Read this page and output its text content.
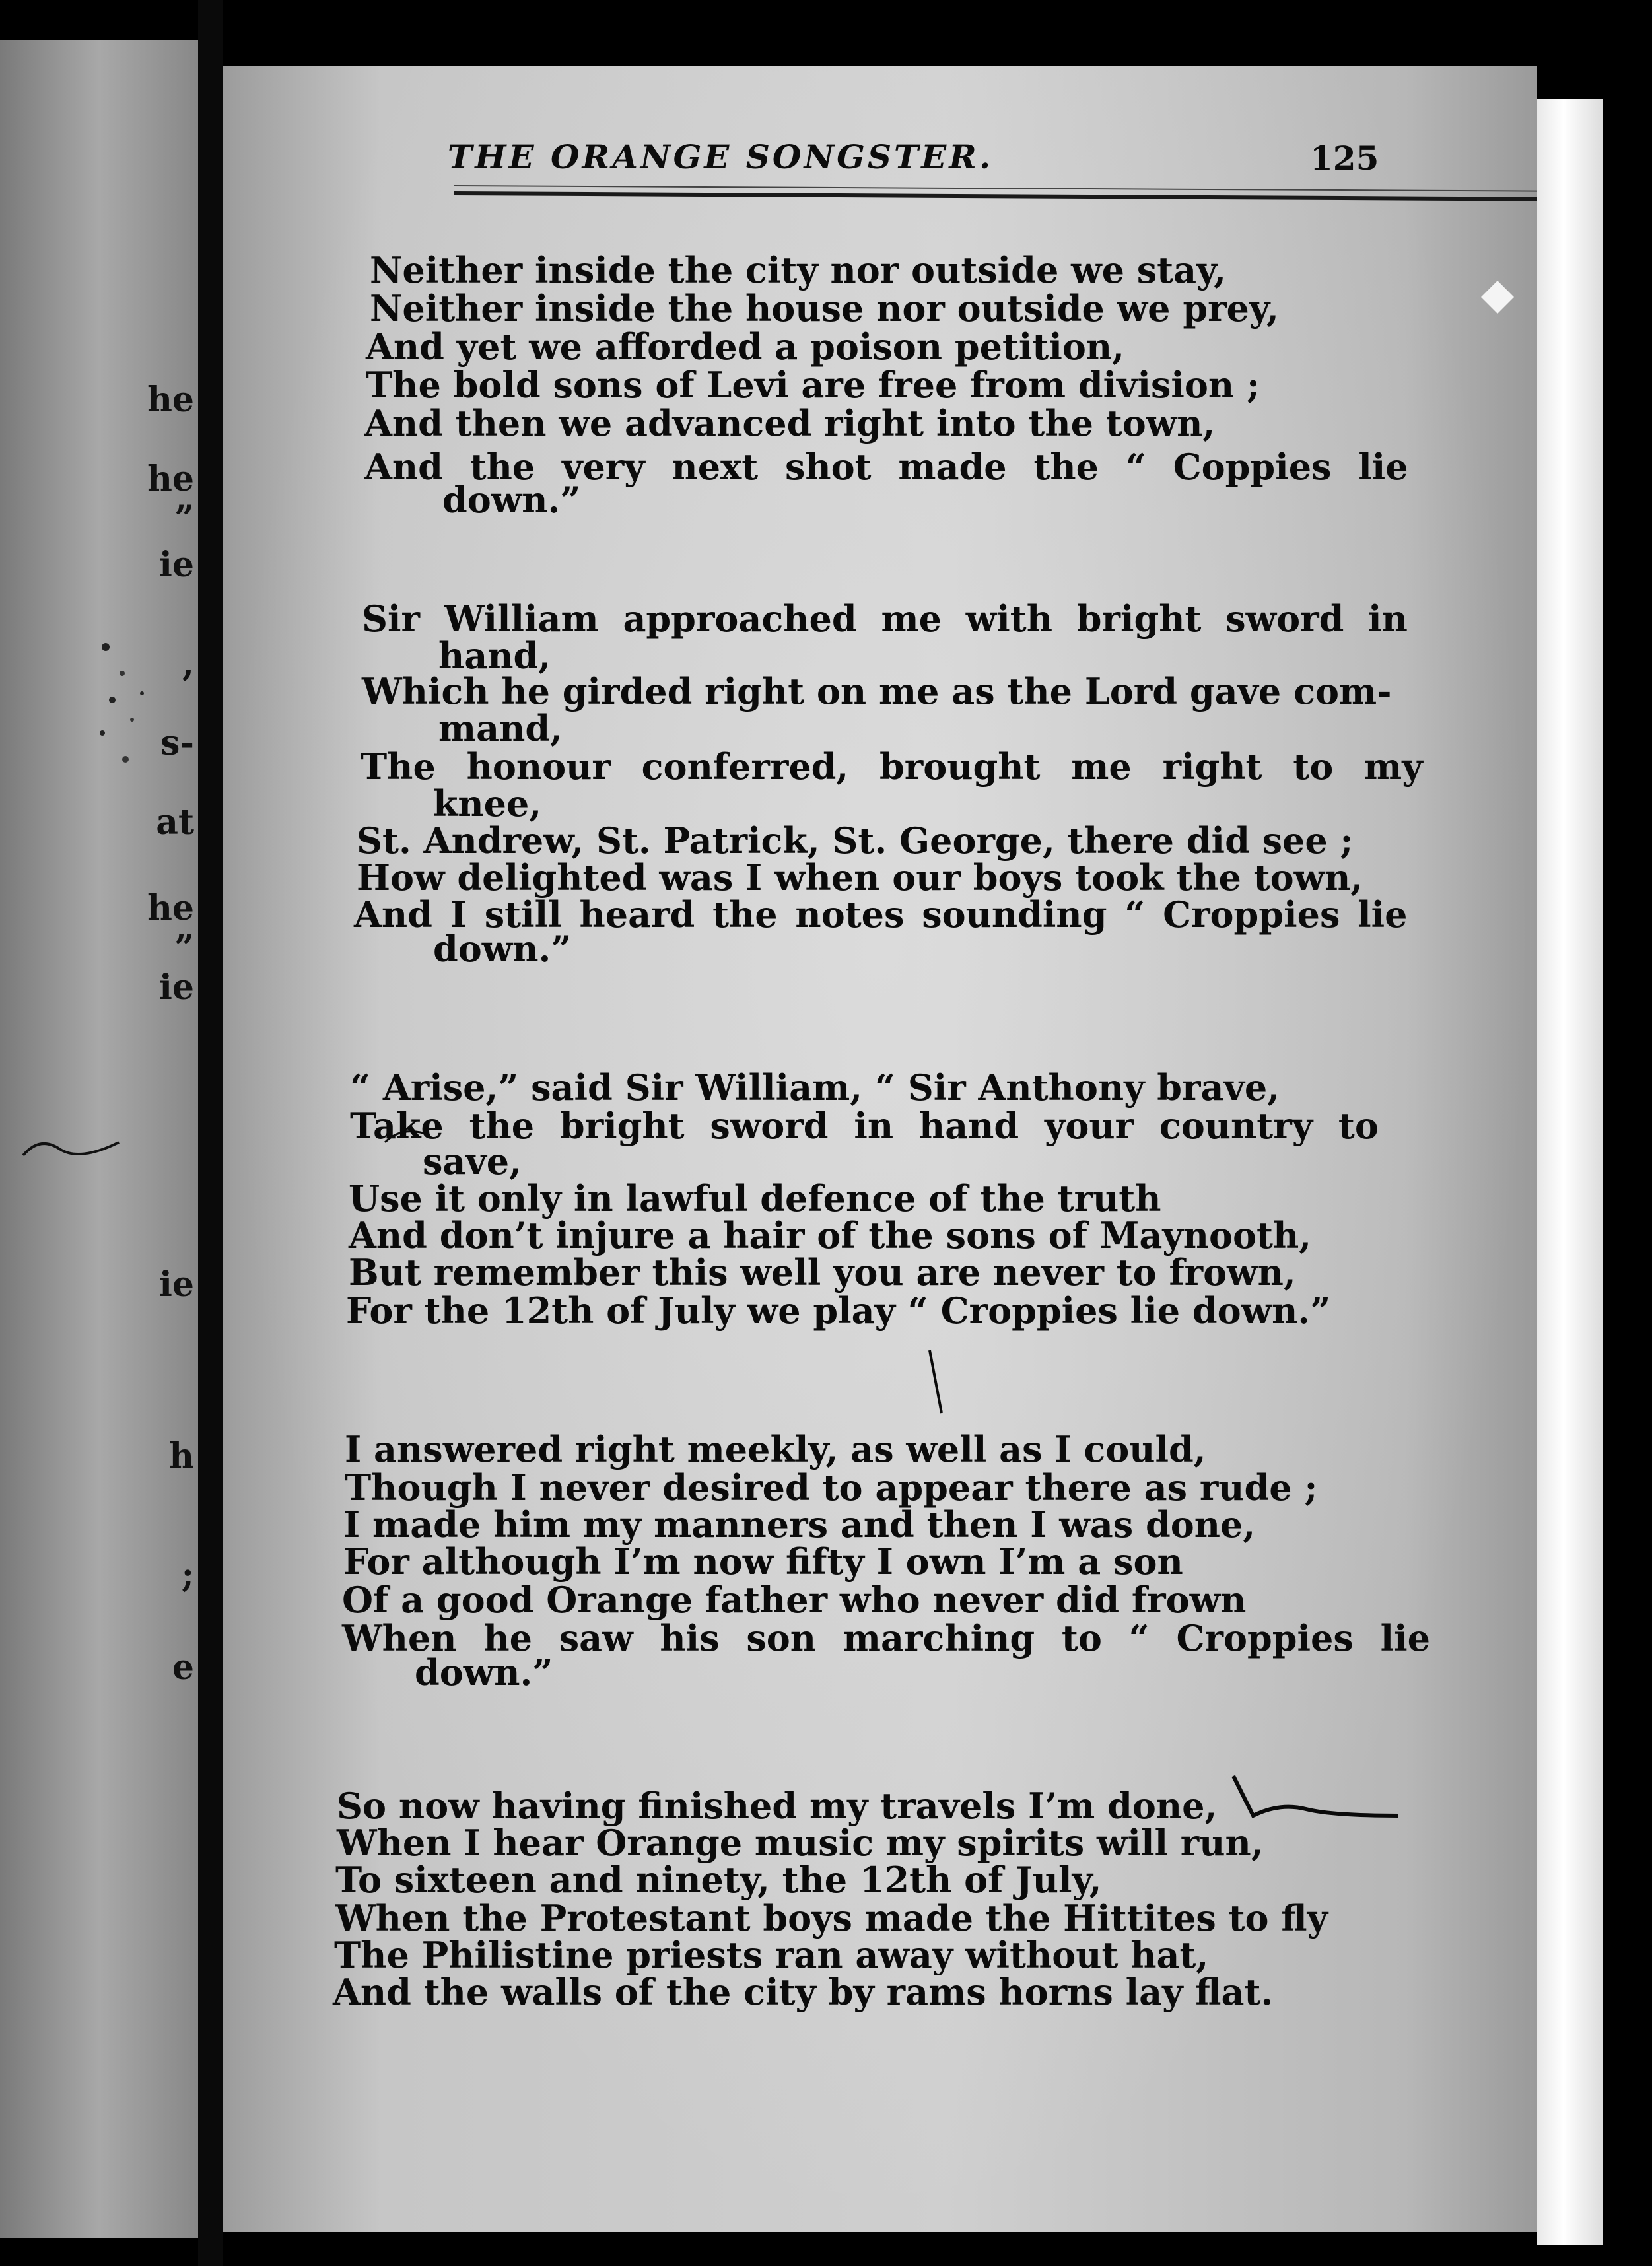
he
he
”
ie
,
s-
at
he
”
ie
ie
h
;
e
THE ORANGE SONGSTER.	125
Neither inside the city nor outside we stay,
Neither inside the house nor outside we prey,
And yet we afforded a poison petition,
The bold sons of Levi are free from division ;
And then we advanced right into the town,
And the very next shot made the “ Coppies lie
down.”
Sir William approached me with bright sword in
hand,
Which he girded right on me as the Lord gave com-
mand,
The honour conferred, brought me right to my
knee,
St. Andrew, St. Patrick, St. George, there did see ;
How delighted was I when our boys took the town,
And I still heard the notes sounding “ Croppies lie
down.”
“ Arise,” said Sir William, “ Sir Anthony brave,
Take the bright sword in hand your country to
save,
Use it only in lawful defence of the truth
And don’t injure a hair of the sons of Maynooth,
But remember this well you are never to frown,
For the 12th of July we play “ Croppies lie down.”
I answered right meekly, as well as I could,
Though I never desired to appear there as rude ;
I made him my manners and then I was done,
For although I’m now fifty I own I’m a son
Of a good Orange father who never did frown
When he saw his son marching to “ Croppies lie
down.”
So now having finished my travels I’m done,
When I hear Orange music my spirits will run,
To sixteen and ninety, the 12th of July,
When the Protestant boys made the Hittites to fly
The Philistine priests ran away without hat,
And the walls of the city by rams horns lay flat.
